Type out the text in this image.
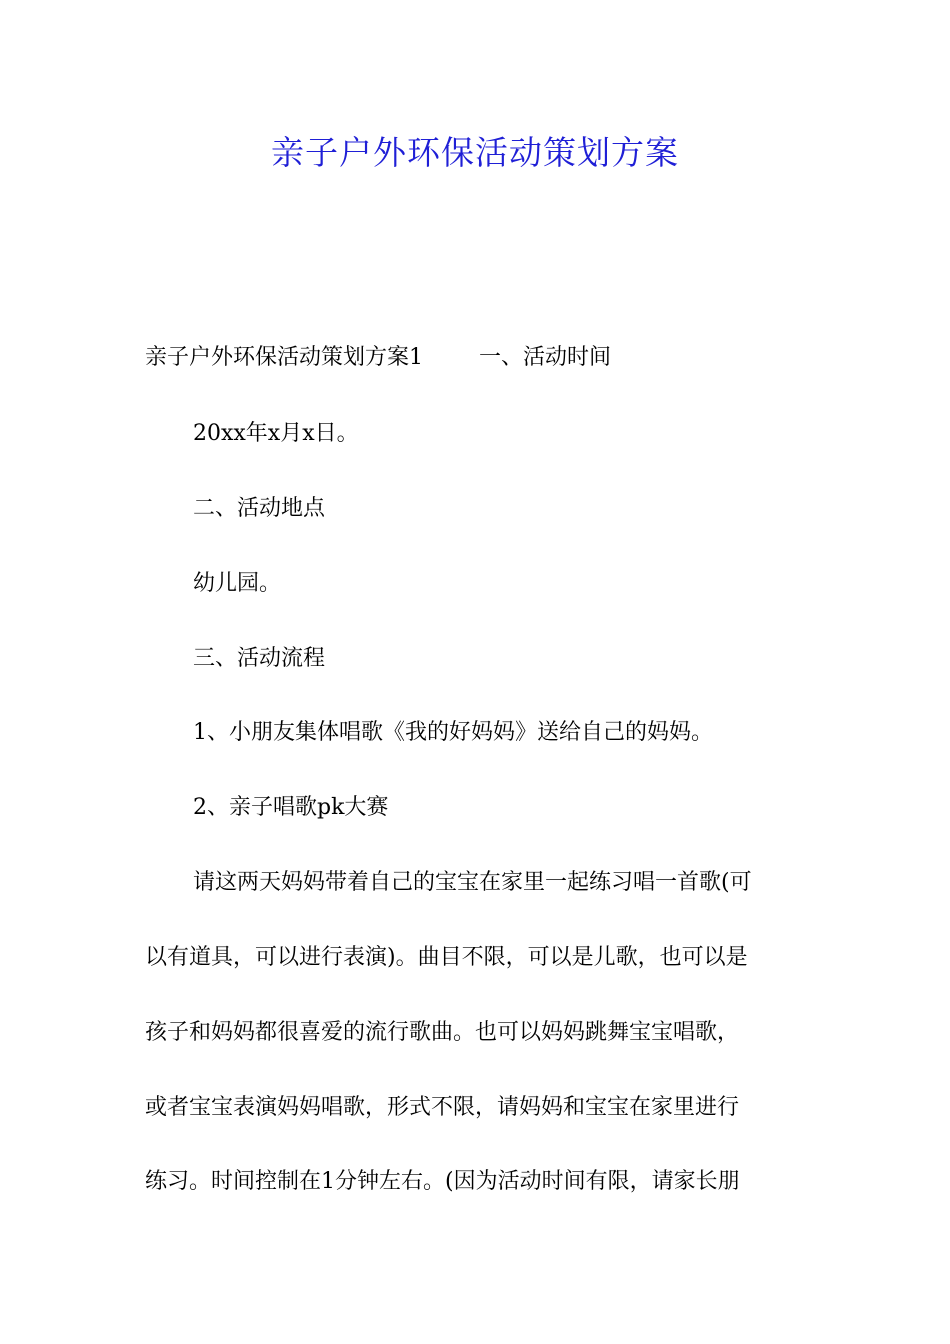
亲子户外环保活动策划方案

亲子户外环保活动策划方案1	一、活动时间

20xx年x月x日。

二、活动地点

幼儿园。

三、活动流程

1、小朋友集体唱歌《我的好妈妈》送给自己的妈妈。

2、亲子唱歌pk大赛

请这两天妈妈带着自己的宝宝在家里一起练习唱一首歌(可

以有道具，可以进行表演)。曲目不限，可以是儿歌，也可以是

孩子和妈妈都很喜爱的流行歌曲。也可以妈妈跳舞宝宝唱歌，

或者宝宝表演妈妈唱歌，形式不限，请妈妈和宝宝在家里进行

练习。时间控制在1分钟左右。(因为活动时间有限，请家长朋
